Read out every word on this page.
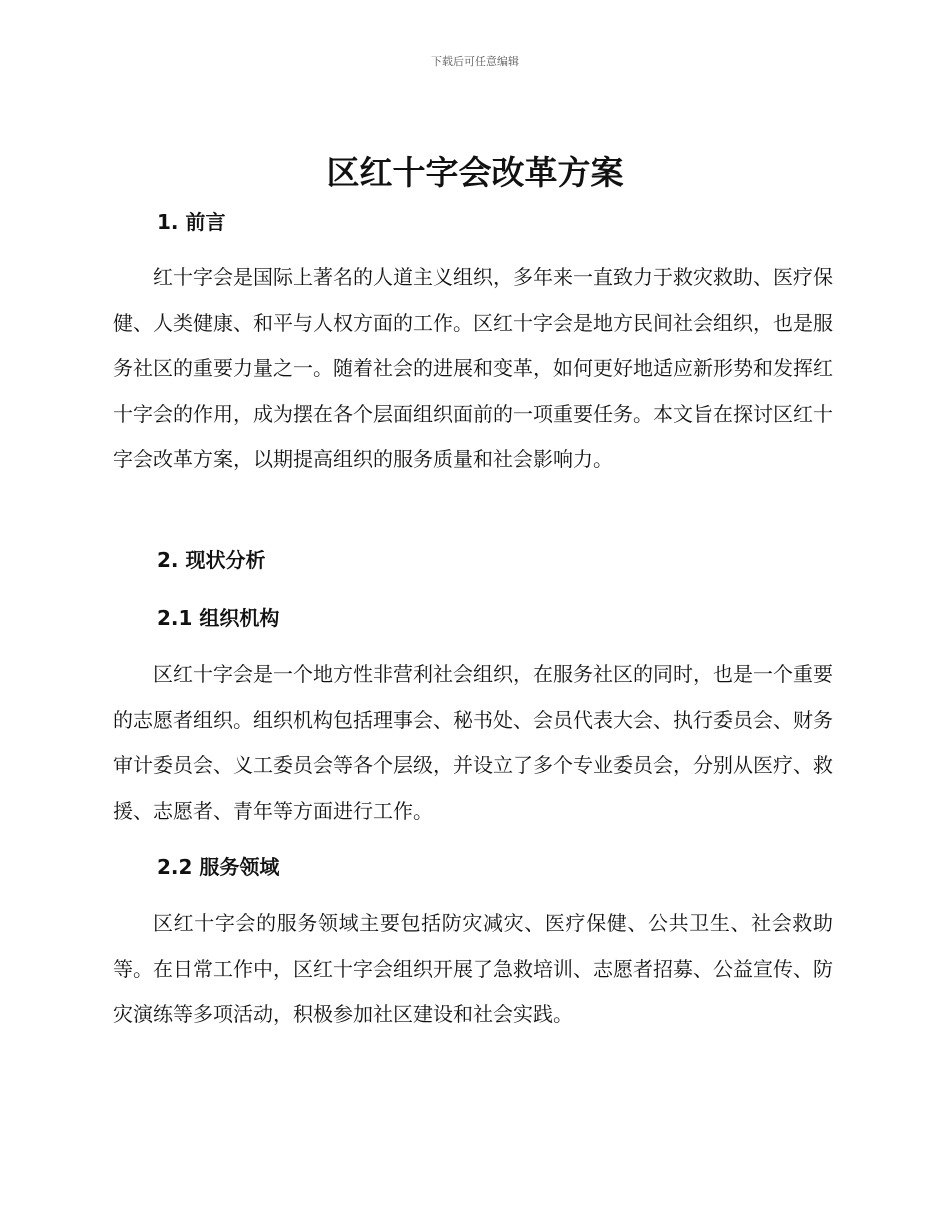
下载后可任意编辑
区红十字会改革方案
1. 前言

红十字会是国际上著名的人道主义组织，多年来一直致力于救灾救助、医疗保健、人类健康、和平与人权方面的工作。区红十字会是地方民间社会组织，也是服务社区的重要力量之一。随着社会的进展和变革，如何更好地适应新形势和发挥红十字会的作用，成为摆在各个层面组织面前的一项重要任务。本文旨在探讨区红十字会改革方案，以期提高组织的服务质量和社会影响力。

2. 现状分析
2.1 组织机构

区红十字会是一个地方性非营利社会组织，在服务社区的同时，也是一个重要的志愿者组织。组织机构包括理事会、秘书处、会员代表大会、执行委员会、财务审计委员会、义工委员会等各个层级，并设立了多个专业委员会，分别从医疗、救援、志愿者、青年等方面进行工作。

2.2 服务领域

区红十字会的服务领域主要包括防灾减灾、医疗保健、公共卫生、社会救助等。在日常工作中，区红十字会组织开展了急救培训、志愿者招募、公益宣传、防灾演练等多项活动，积极参加社区建设和社会实践。
